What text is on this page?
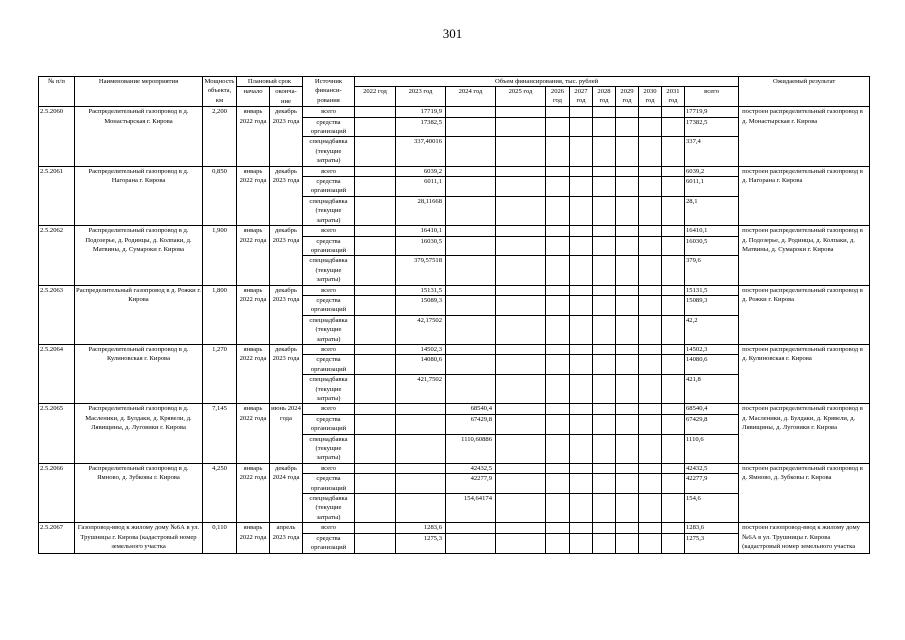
301
№ п/п	Наименование мероприятия	Мощность объекта, км	Плановый срок		Источник финанси-рования	Объем финансирования, тыс. рублей											Ожидаемый результат
			начало	оконча-ние		2022 год	2023 год	2024 год	2025 год	2026 год	2027 год	2028 год	2029 год	2030 год	2031 год	всего	
2.5.2060	Распределительный газопровод в д. Монастырская г. Кирова	2,200	январь 2022 года	декабрь 2023 года	всего		17719,9									17719,9	построен распределительный газопровод в д. Монастырская г. Кирова
					средства организаций		17382,5									17382,5	
					спецнадбавка (текущие затраты)		337,40016									337,4	
2.5.2061	Распределительный газопровод в д. Нагорана г. Кирова	0,850	январь 2022 года	декабрь 2023 года	всего		6039,2									6039,2	построен распределительный газопровод в д. Нагорана г. Кирова
					средства организаций		6011,1									6011,1	
					спецнадбавка (текущие затраты)		28,11668									28,1	
2.5.2062	Распределительный газопровод в д. Подозерье, д. Родинцы, д. Колпаки, д. Матвины, д. Сумароки г. Кирова	1,900	январь 2022 года	декабрь 2023 года	всего		16410,1									16410,1	построен распределительный газопровод в д. Подозерье, д. Родинцы, д. Колпаки, д. Матвины, д. Сумароки г. Кирова
					средства организаций		16030,5									16030,5	
					спецнадбавка (текущие затраты)		379,57518									379,6	
2.5.2063	Распределительный газопровод в д. Рожки г. Кирова	1,800	январь 2022 года	декабрь 2023 года	всего		15131,5									15131,5	построен распределительный газопровод в д. Рожки г. Кирова
					средства организаций		15089,3									15089,3	
					спецнадбавка (текущие затраты)		42,17502									42,2	
2.5.2064	Распределительный газопровод в д. Кулиновская г. Кирова	1,270	январь 2022 года	декабрь 2023 года	всего		14502,3									14502,3	построен распределительный газопровод в д. Кулиновская г. Кирова
					средства организаций		14080,6									14080,6	
					спецнадбавка (текущие затраты)		421,7502									421,8	
2.5.2065	Распределительный газопровод в д. Масленики, д. Булдаки, д. Крявели, д. Лявищины, д. Луговики г. Кирова	7,145	январь 2022 года	июнь 2024 года	всего			68540,4								68540,4	построен распределительный газопровод в д. Масленики, д. Булдаки, д. Крявели, д. Лявищины, д. Луговики г. Кирова
					средства организаций			67429,8								67429,8	
					спецнадбавка (текущие затраты)			1110,60886								1110,6	
2.5.2066	Распределительный газопровод в д. Ямново, д. Зубковы г. Кирова	4,250	январь 2022 года	декабрь 2024 года	всего			42432,5								42432,5	построен распределительный газопровод в д. Ямново, д. Зубковы г. Кирова
					средства организаций			42277,9								42277,9	
					спецнадбавка (текущие затраты)			154,64174								154,6	
2.5.2067	Газопровод-ввод к жилому дому №6А в ул. Трушницы г. Кирова (кадастровый номер земельного участка	0,110	январь 2022 года	апрель 2023 года	всего		1283,6									1283,6	построен газопровод-ввод к жилому дому №6А в ул. Трушницы г. Кирова (кадастровый номер земельного участка
					средства организаций		1275,3									1275,3	
